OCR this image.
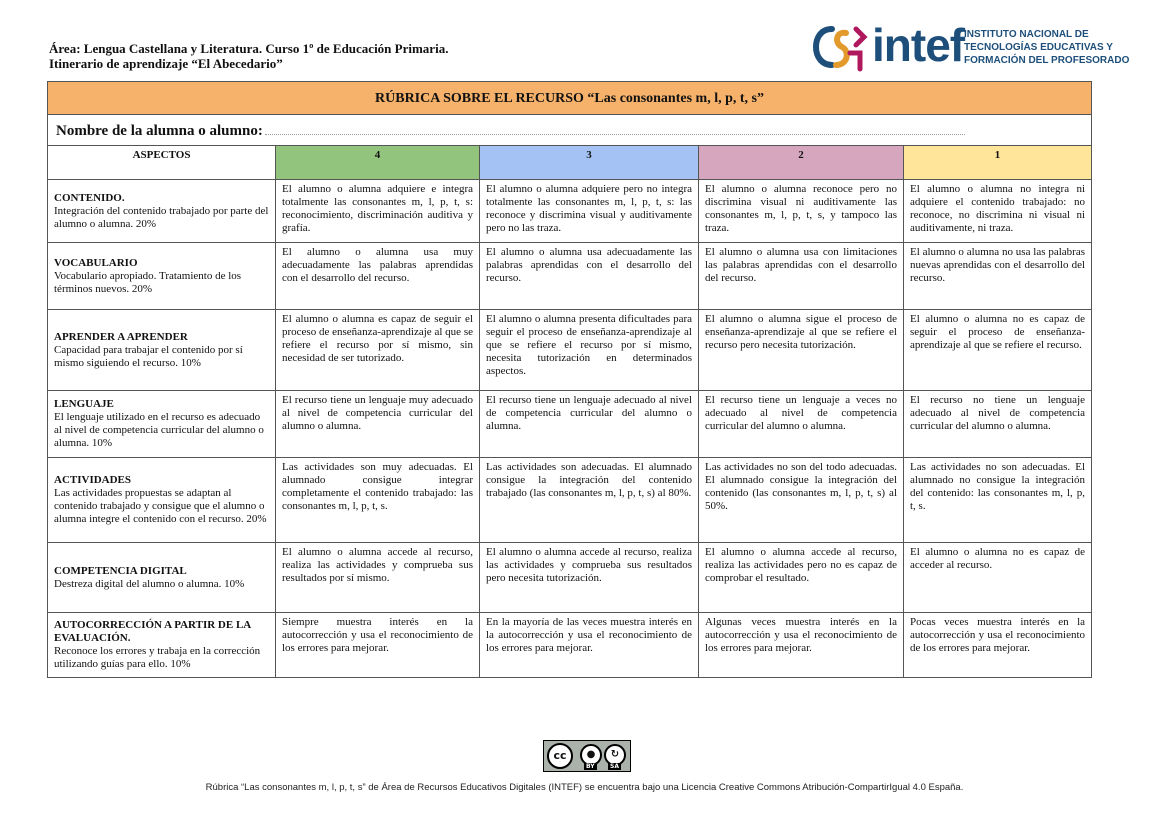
Área: Lengua Castellana y Literatura. Curso 1º de Educación Primaria.
Itinerario de aprendizaje “El Abecedario”	intef INSTITUTO NACIONAL DE
TECNOLOGÍAS EDUCATIVAS Y
FORMACIÓN DEL PROFESORADO
RÚBRICA SOBRE EL RECURSO “Las consonantes m, l, p, t, s”				
Nombre de la alumna o alumno:				
ASPECTOS	4	3	2	1

CONTENIDO.
Integración del contenido trabajado por parte del alumno o alumna. 20%	El alumno o alumna adquiere e integra totalmente las consonantes m, l, p, t, s: reconocimiento, discriminación auditiva y grafía.	El alumno o alumna adquiere pero no integra totalmente las consonantes m, l, p, t, s: las reconoce y discrimina visual y auditivamente pero no las traza.	El alumno o alumna reconoce pero no discrimina visual ni auditivamente las consonantes m, l, p, t, s, y tampoco las traza.	El alumno o alumna no integra ni adquiere el contenido trabajado: no reconoce, no discrimina ni visual ni auditivamente, ni traza.

VOCABULARIO
Vocabulario apropiado. Tratamiento de los términos nuevos. 20%	El alumno o alumna usa muy adecuadamente las palabras aprendidas con el desarrollo del recurso.	El alumno o alumna usa adecuadamente las palabras aprendidas con el desarrollo del recurso.	El alumno o alumna usa con limitaciones las palabras aprendidas con el desarrollo del recurso.	El alumno o alumna no usa las palabras nuevas aprendidas con el desarrollo del recurso.

APRENDER A APRENDER
Capacidad para trabajar el contenido por sí mismo siguiendo el recurso. 10%	El alumno o alumna es capaz de seguir el proceso de enseñanza-aprendizaje al que se refiere el recurso por sí mismo, sin necesidad de ser tutorizado.	El alumno o alumna presenta dificultades para seguir el proceso de enseñanza-aprendizaje al que se refiere el recurso por sí mismo, necesita tutorización en determinados aspectos.	El alumno o alumna sigue el proceso de enseñanza-aprendizaje al que se refiere el recurso pero necesita tutorización.	El alumno o alumna no es capaz de seguir el proceso de enseñanza-aprendizaje al que se refiere el recurso.

LENGUAJE
El lenguaje utilizado en el recurso es adecuado al nivel de competencia curricular del alumno o alumna. 10%	El recurso tiene un lenguaje muy adecuado al nivel de competencia curricular del alumno o alumna.	El recurso tiene un lenguaje adecuado al nivel de competencia curricular del alumno o alumna.	El recurso tiene un lenguaje a veces no adecuado al nivel de competencia curricular del alumno o alumna.	El recurso no tiene un lenguaje adecuado al nivel de competencia curricular del alumno o alumna.

ACTIVIDADES
Las actividades propuestas se adaptan al contenido trabajado y consigue que el alumno o alumna integre el contenido con el recurso. 20%	Las actividades son muy adecuadas. El alumnado consigue integrar completamente el contenido trabajado: las consonantes m, l, p, t, s.	Las actividades son adecuadas. El alumnado consigue la integración del contenido trabajado (las consonantes m, l, p, t, s) al 80%.	Las actividades no son del todo adecuadas. El alumnado consigue la integración del contenido (las consonantes m, l, p, t, s) al 50%.	Las actividades no son adecuadas. El alumnado no consigue la integración del contenido: las consonantes m, l, p, t, s.

COMPETENCIA DIGITAL
Destreza digital del alumno o alumna. 10%	El alumno o alumna accede al recurso, realiza las actividades y comprueba sus resultados por sí mismo.	El alumno o alumna accede al recurso, realiza las actividades y comprueba sus resultados pero necesita tutorización.	El alumno o alumna accede al recurso, realiza las actividades pero no es capaz de comprobar el resultado.	El alumno o alumna no es capaz de acceder al recurso.

AUTOCORRECCIÓN A PARTIR DE LA EVALUACIÓN.
Reconoce los errores y trabaja en la corrección utilizando guías para ello. 10%	Siempre muestra interés en la autocorrección y usa el reconocimiento de los errores para mejorar.	En la mayoría de las veces muestra interés en la autocorrección y usa el reconocimiento de los errores para mejorar.	Algunas veces muestra interés en la autocorrección y usa el reconocimiento de los errores para mejorar.	Pocas veces muestra interés en la autocorrección y usa el reconocimiento de los errores para mejorar.
cc	●	↻
BY	SA
Rúbrica “Las consonantes m, l, p, t, s” de Área de Recursos Educativos Digitales (INTEF) se encuentra bajo una Licencia Creative Commons Atribución-CompartirIgual 4.0 España.
